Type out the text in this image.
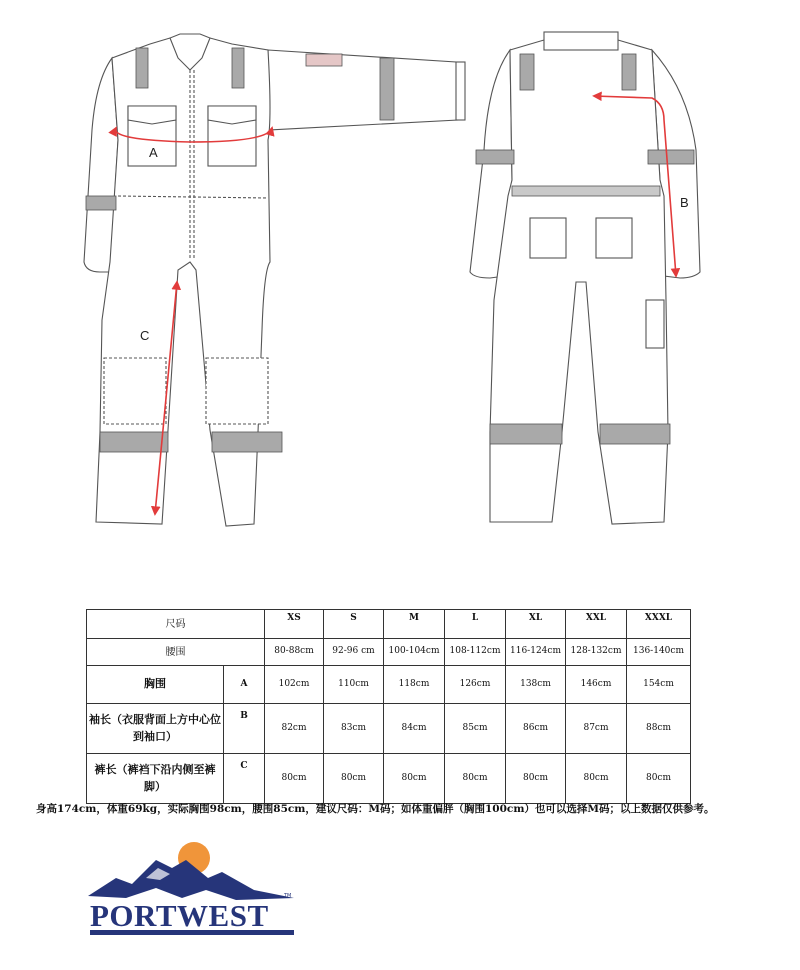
A
B
C
尺码		XS	S	M	L	XL	XXL	XXXL
腰围		80-88cm	92-96 cm	100-104cm	108-112cm	116-124cm	128-132cm	136-140cm
胸围	A	102cm	110cm	118cm	126cm	138cm	146cm	154cm
袖长（衣服背面上方中心位到袖口）	B	82cm	83cm	84cm	85cm	86cm	87cm	88cm
裤长（裤裆下沿内侧至裤脚）	C	80cm	80cm	80cm	80cm	80cm	80cm	80cm
身高174cm，体重69kg，实际胸围98cm，腰围85cm，建议尺码：M码；如体重偏胖（胸围100cm）也可以选择M码；以上数据仅供参考。
PORTWEST
TM
